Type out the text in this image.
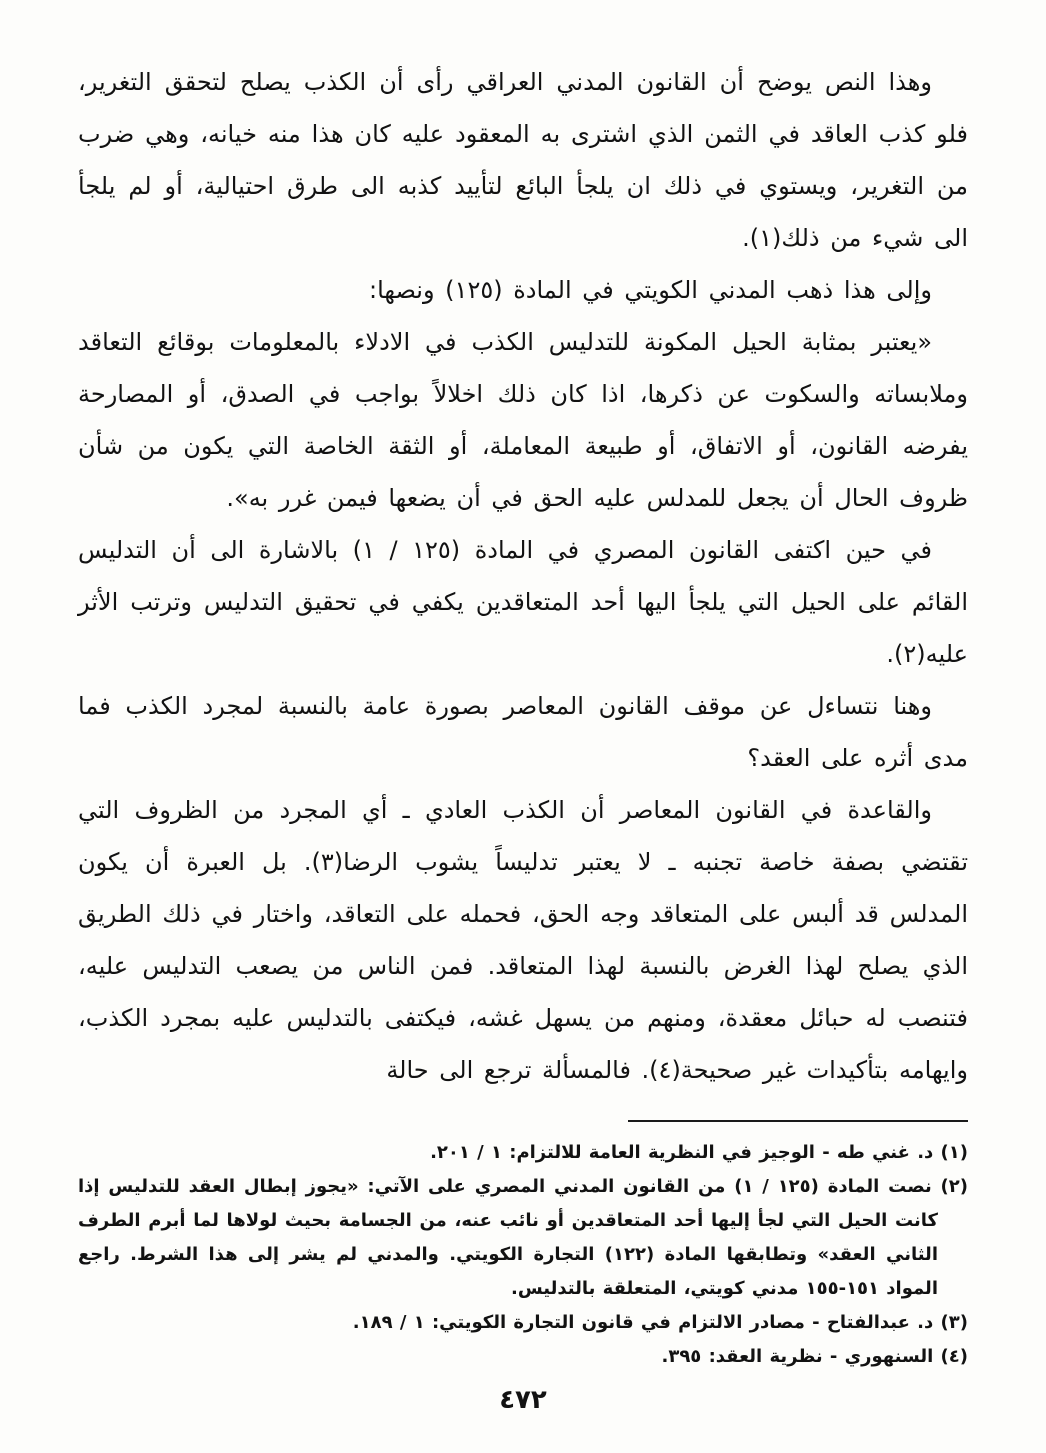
وهذا النص يوضح أن القانون المدني العراقي رأى أن الكذب يصلح لتحقق التغرير، فلو كذب العاقد في الثمن الذي اشترى به المعقود عليه كان هذا منه خيانه، وهي ضرب من التغرير، ويستوي في ذلك ان يلجأ البائع لتأييد كذبه الى طرق احتيالية، أو لم يلجأ الى شيء من ذلك(١).

وإلى هذا ذهب المدني الكويتي في المادة (١٢٥) ونصها:

«يعتبر بمثابة الحيل المكونة للتدليس الكذب في الادلاء بالمعلومات بوقائع التعاقد وملابساته والسكوت عن ذكرها، اذا كان ذلك اخلالاً بواجب في الصدق، أو المصارحة يفرضه القانون، أو الاتفاق، أو طبيعة المعاملة، أو الثقة الخاصة التي يكون من شأن ظروف الحال أن يجعل للمدلس عليه الحق في أن يضعها فيمن غرر به».

في حين اكتفى القانون المصري في المادة (١٢٥ / ١) بالاشارة الى أن التدليس القائم على الحيل التي يلجأ اليها أحد المتعاقدين يكفي في تحقيق التدليس وترتب الأثر عليه(٢).

وهنا نتساءل عن موقف القانون المعاصر بصورة عامة بالنسبة لمجرد الكذب فما مدى أثره على العقد؟

والقاعدة في القانون المعاصر أن الكذب العادي ـ أي المجرد من الظروف التي تقتضي بصفة خاصة تجنبه ـ لا يعتبر تدليساً يشوب الرضا(٣). بل العبرة أن يكون المدلس قد ألبس على المتعاقد وجه الحق، فحمله على التعاقد، واختار في ذلك الطريق الذي يصلح لهذا الغرض بالنسبة لهذا المتعاقد. فمن الناس من يصعب التدليس عليه، فتنصب له حبائل معقدة، ومنهم من يسهل غشه، فيكتفى بالتدليس عليه بمجرد الكذب، وايهامه بتأكيدات غير صحيحة(٤). فالمسألة ترجع الى حالة

(١) د. غني طه - الوجيز في النظرية العامة للالتزام: ١ / ٢٠١.

(٢) نصت المادة (١٢٥ / ١) من القانون المدني المصري على الآتي: «يجوز إبطال العقد للتدليس إذا كانت الحيل التي لجأ إليها أحد المتعاقدين أو نائب عنه، من الجسامة بحيث لولاها لما أبرم الطرف الثاني العقد» وتطابقها المادة (١٢٢) التجارة الكويتي. والمدني لم يشر إلى هذا الشرط. راجع المواد ١٥١-١٥٥ مدني كويتي، المتعلقة بالتدليس.

(٣) د. عبدالفتاح - مصادر الالتزام في قانون التجارة الكويتي: ١ / ١٨٩.

(٤) السنهوري - نظرية العقد: ٣٩٥.

٤٧٢
